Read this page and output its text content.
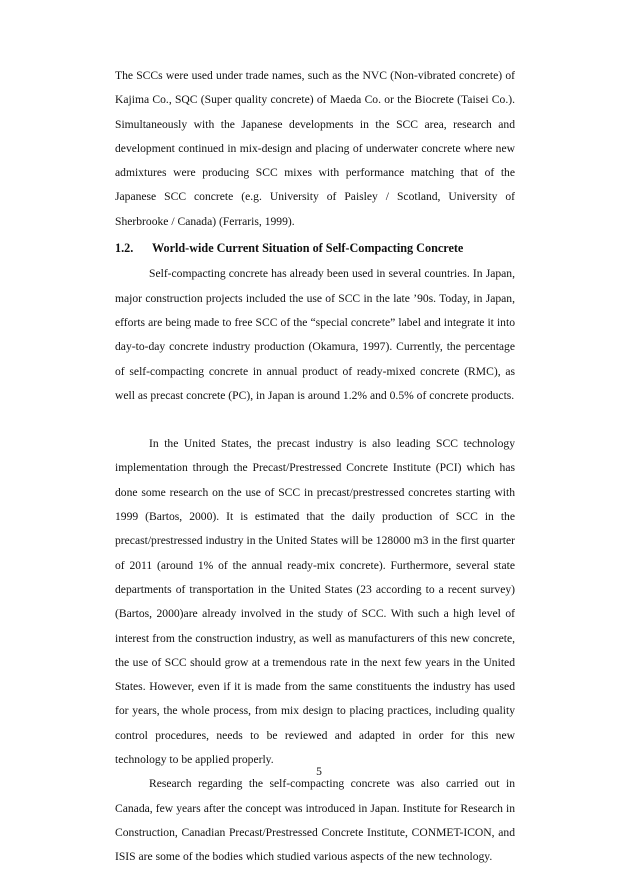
The SCCs were used under trade names, such as the NVC (Non-vibrated concrete) of Kajima Co., SQC (Super quality concrete) of Maeda Co. or the Biocrete (Taisei Co.). Simultaneously with the Japanese developments in the SCC area, research and development continued in mix-design and placing of underwater concrete where new admixtures were producing SCC mixes with performance matching that of the Japanese SCC concrete (e.g. University of Paisley / Scotland, University of Sherbrooke / Canada) (Ferraris, 1999).

1.2.	World-wide Current Situation of Self-Compacting Concrete

Self-compacting concrete has already been used in several countries. In Japan, major construction projects included the use of SCC in the late ’90s. Today, in Japan, efforts are being made to free SCC of the “special concrete” label and integrate it into day-to-day concrete industry production (Okamura, 1997). Currently, the percentage of self-compacting concrete in annual product of ready-mixed concrete (RMC), as well as precast concrete (PC), in Japan is around 1.2% and 0.5% of concrete products.

In the United States, the precast industry is also leading SCC technology implementation through the Precast/Prestressed Concrete Institute (PCI) which has done some research on the use of SCC in precast/prestressed concretes starting with 1999 (Bartos, 2000). It is estimated that the daily production of SCC in the precast/prestressed industry in the United States will be 128000 m3 in the first quarter of 2011 (around 1% of the annual ready-mix concrete). Furthermore, several state departments of transportation in the United States (23 according to a recent survey) (Bartos, 2000)are already involved in the study of SCC. With such a high level of interest from the construction industry, as well as manufacturers of this new concrete, the use of SCC should grow at a tremendous rate in the next few years in the United States. However, even if it is made from the same constituents the industry has used for years, the whole process, from mix design to placing practices, including quality control procedures, needs to be reviewed and adapted in order for this new technology to be applied properly.

Research regarding the self-compacting concrete was also carried out in Canada, few years after the concept was introduced in Japan. Institute for Research in Construction, Canadian Precast/Prestressed Concrete Institute, CONMET-ICON, and ISIS are some of the bodies which studied various aspects of the new technology.

5
